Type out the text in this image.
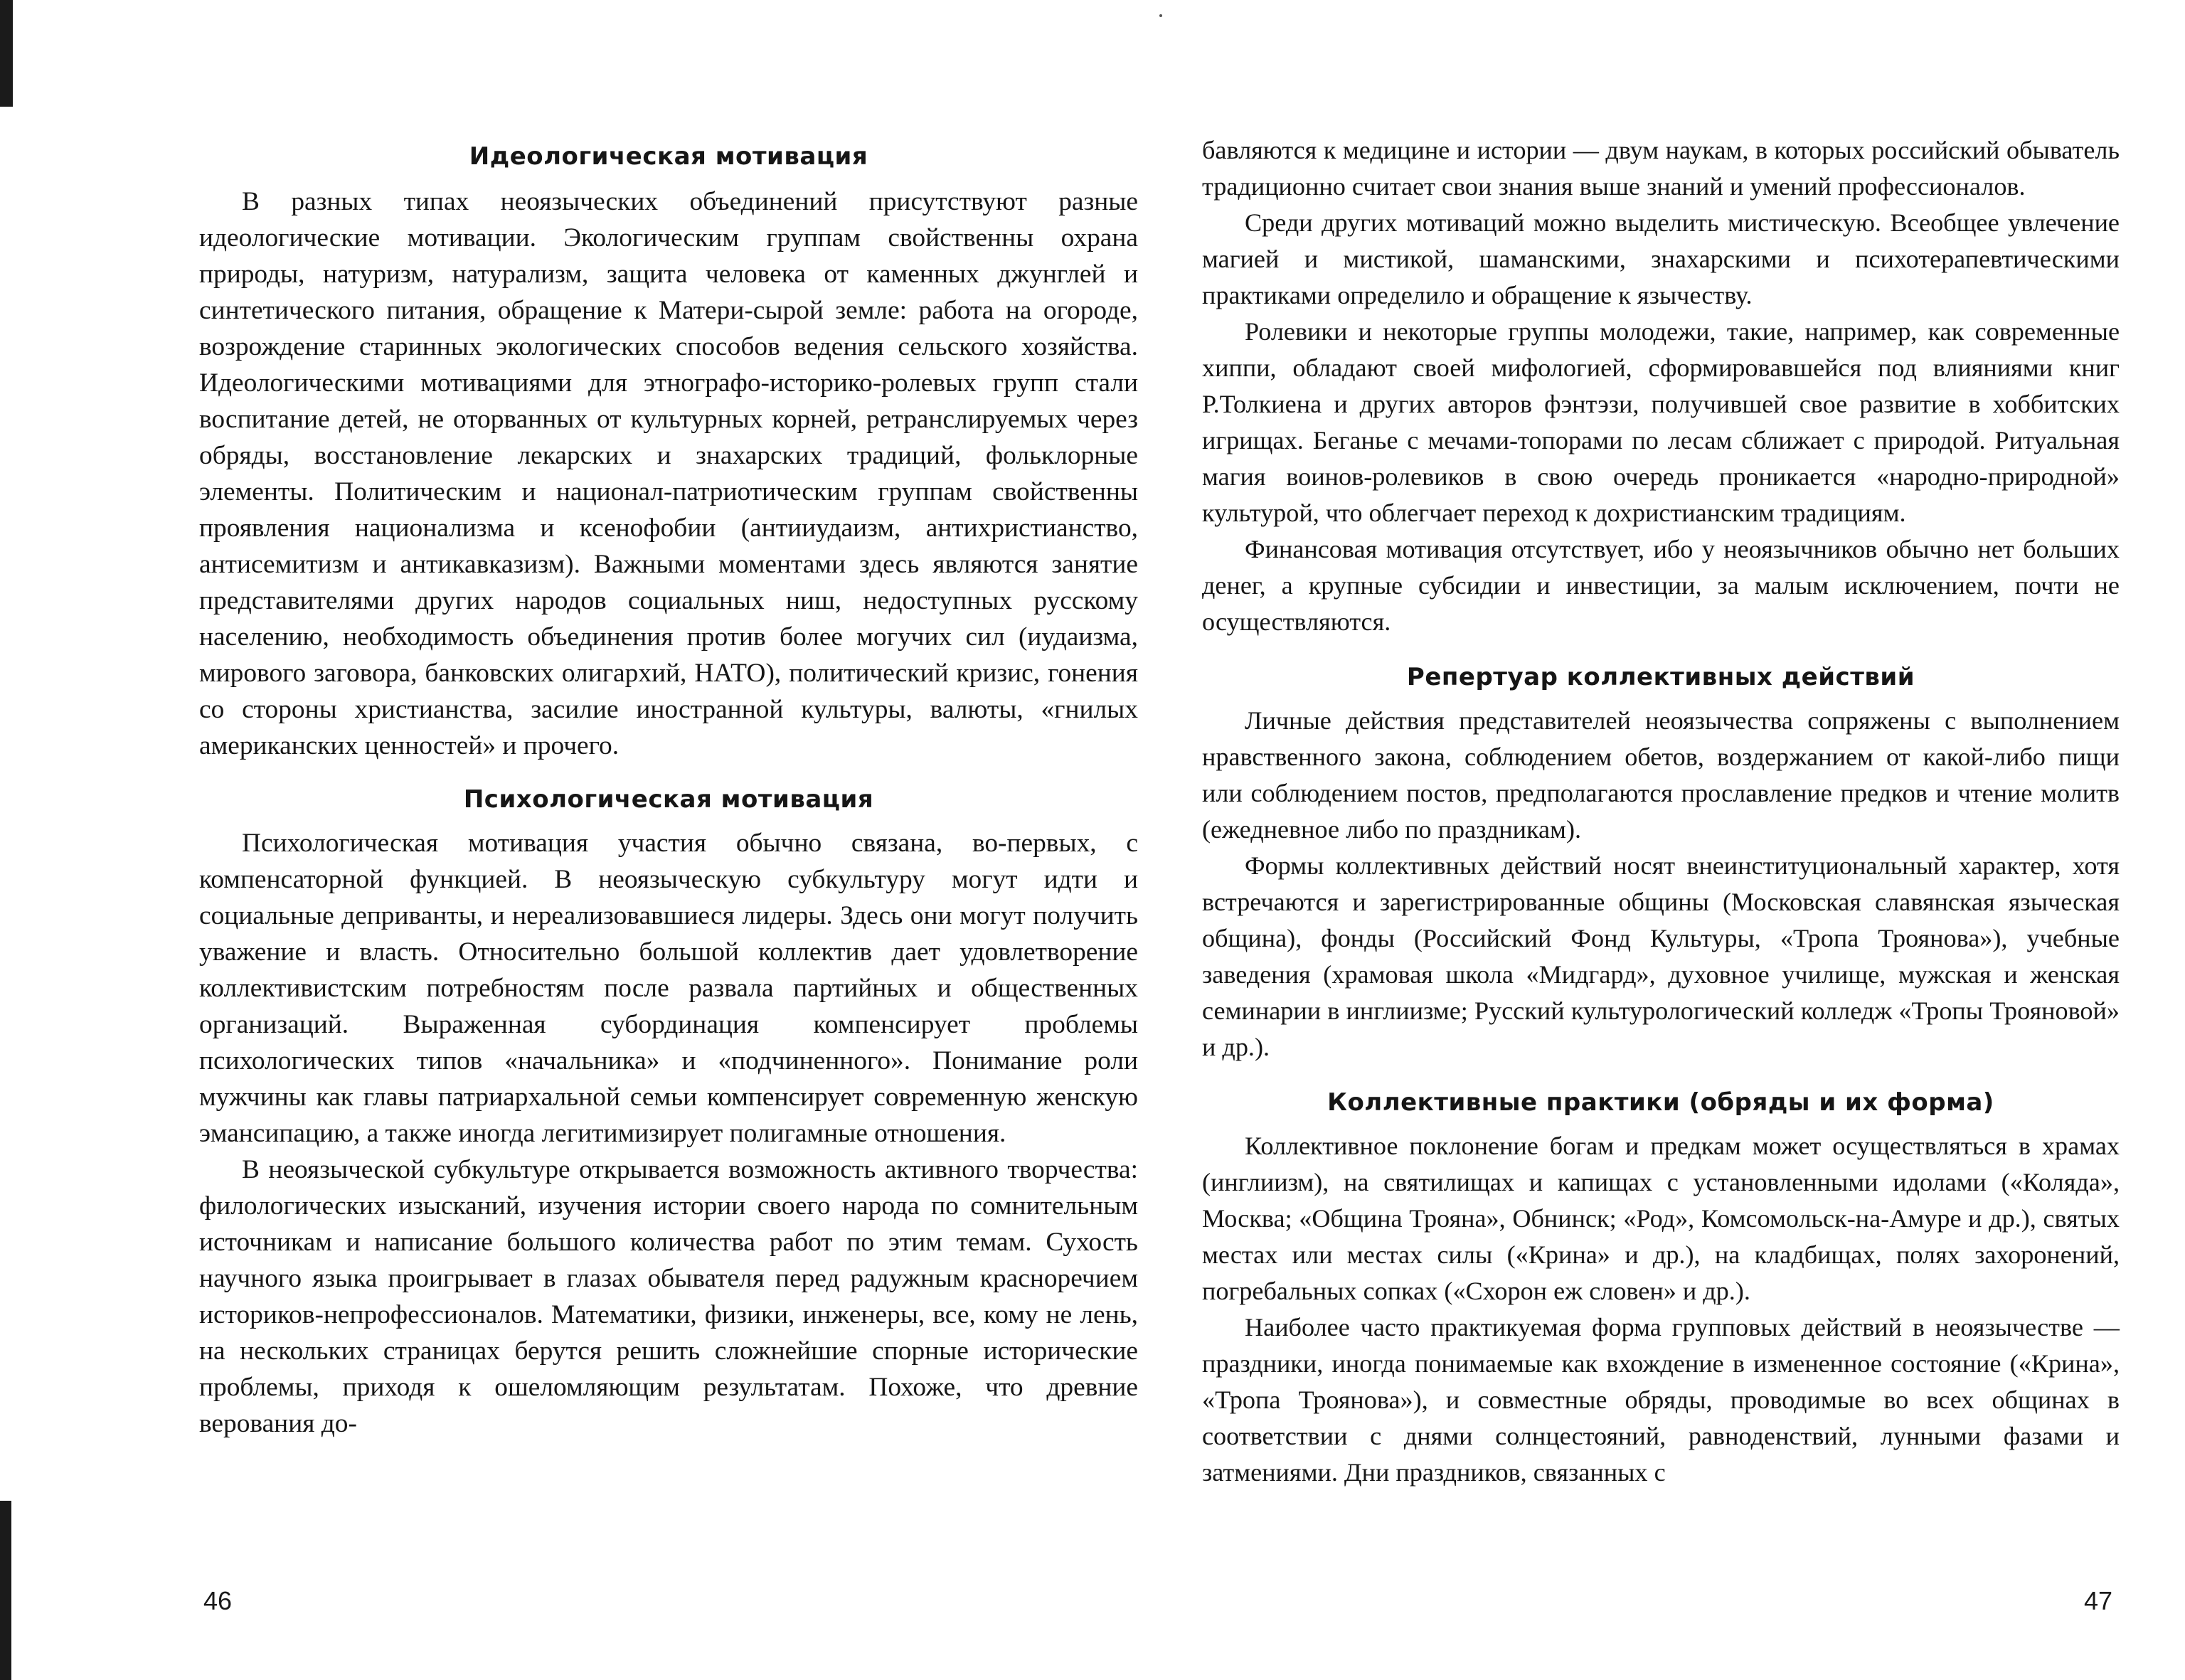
Идеологическая мотивация

В разных типах неоязыческих объединений присутствуют разные идеологические мотивации. Экологическим группам свойственны охрана природы, натуризм, натурализм, защита человека от каменных джунглей и синтетического питания, обращение к Матери-сырой земле: работа на огороде, возрождение старинных экологических способов ведения сельского хозяйства. Идеологическими мотивациями для этнографо-историко-ролевых групп стали воспитание детей, не оторванных от культурных корней, ретранслируемых через обряды, восстановление лекарских и знахарских традиций, фольклорные элементы. Политическим и национал-патриотическим группам свойственны проявления национализма и ксенофобии (антииудаизм, антихристианство, антисемитизм и антикавказизм). Важными моментами здесь являются занятие представителями других народов социальных ниш, недоступных русскому населению, необходимость объединения против более могучих сил (иудаизма, мирового заговора, банковских олигархий, НАТО), политический кризис, гонения со стороны христианства, засилие иностранной культуры, валюты, «гнилых американских ценностей» и прочего.

Психологическая мотивация

Психологическая мотивация участия обычно связана, во-первых, с компенсаторной функцией. В неоязыческую субкультуру могут идти и социальные деприванты, и нереализовавшиеся лидеры. Здесь они могут получить уважение и власть. Относительно большой коллектив дает удовлетворение коллективистским потребностям после развала партийных и общественных организаций. Выраженная субординация компенсирует проблемы психологических типов «начальника» и «подчиненного». Понимание роли мужчины как главы патриархальной семьи компенсирует современную женскую эмансипацию, а также иногда легитимизирует полигамные отношения.

В неоязыческой субкультуре открывается возможность активного творчества: филологических изысканий, изучения истории своего народа по сомнительным источникам и написание большого количества работ по этим темам. Сухость научного языка проигрывает в глазах обывателя перед радужным красноречием историков-непрофессионалов. Математики, физики, инженеры, все, кому не лень, на нескольких страницах берутся решить сложнейшие спорные исторические проблемы, приходя к ошеломляющим результатам. Похоже, что древние верования до-

46

бавляются к медицине и истории — двум наукам, в которых российский обыватель традиционно считает свои знания выше знаний и умений профессионалов.

Среди других мотиваций можно выделить мистическую. Всеобщее увлечение магией и мистикой, шаманскими, знахарскими и психотерапевтическими практиками определило и обращение к язычеству.

Ролевики и некоторые группы молодежи, такие, например, как современные хиппи, обладают своей мифологией, сформировавшейся под влияниями книг Р.Толкиена и других авторов фэнтэзи, получившей свое развитие в хоббитских игрищах. Беганье с мечами-топорами по лесам сближает с природой. Ритуальная магия воинов-ролевиков в свою очередь проникается «народно-природной» культурой, что облегчает переход к дохристианским традициям.

Финансовая мотивация отсутствует, ибо у неоязычников обычно нет больших денег, а крупные субсидии и инвестиции, за малым исключением, почти не осуществляются.

Репертуар коллективных действий

Личные действия представителей неоязычества сопряжены с выполнением нравственного закона, соблюдением обетов, воздержанием от какой-либо пищи или соблюдением постов, предполагаются прославление предков и чтение молитв (ежедневное либо по праздникам).

Формы коллективных действий носят внеинституциональный характер, хотя встречаются и зарегистрированные общины (Московская славянская языческая община), фонды (Российский Фонд Культуры, «Тропа Троянова»), учебные заведения (храмовая школа «Мидгард», духовное училище, мужская и женская семинарии в инглиизме; Русский культурологический колледж «Тропы Трояновой» и др.).

Коллективные практики (обряды и их форма)

Коллективное поклонение богам и предкам может осуществляться в храмах (инглиизм), на святилищах и капищах с установленными идолами («Коляда», Москва; «Община Трояна», Обнинск; «Род», Комсомольск-на-Амуре и др.), святых местах или местах силы («Крина» и др.), на кладбищах, полях захоронений, погребальных сопках («Схорон еж словен» и др.).

Наиболее часто практикуемая форма групповых действий в неоязычестве — праздники, иногда понимаемые как вхождение в измененное состояние («Крина», «Тропа Троянова»), и совместные обряды, проводимые во всех общинах в соответствии с днями солнцестояний, равноденствий, лунными фазами и затмениями. Дни праздников, связанных с

47
